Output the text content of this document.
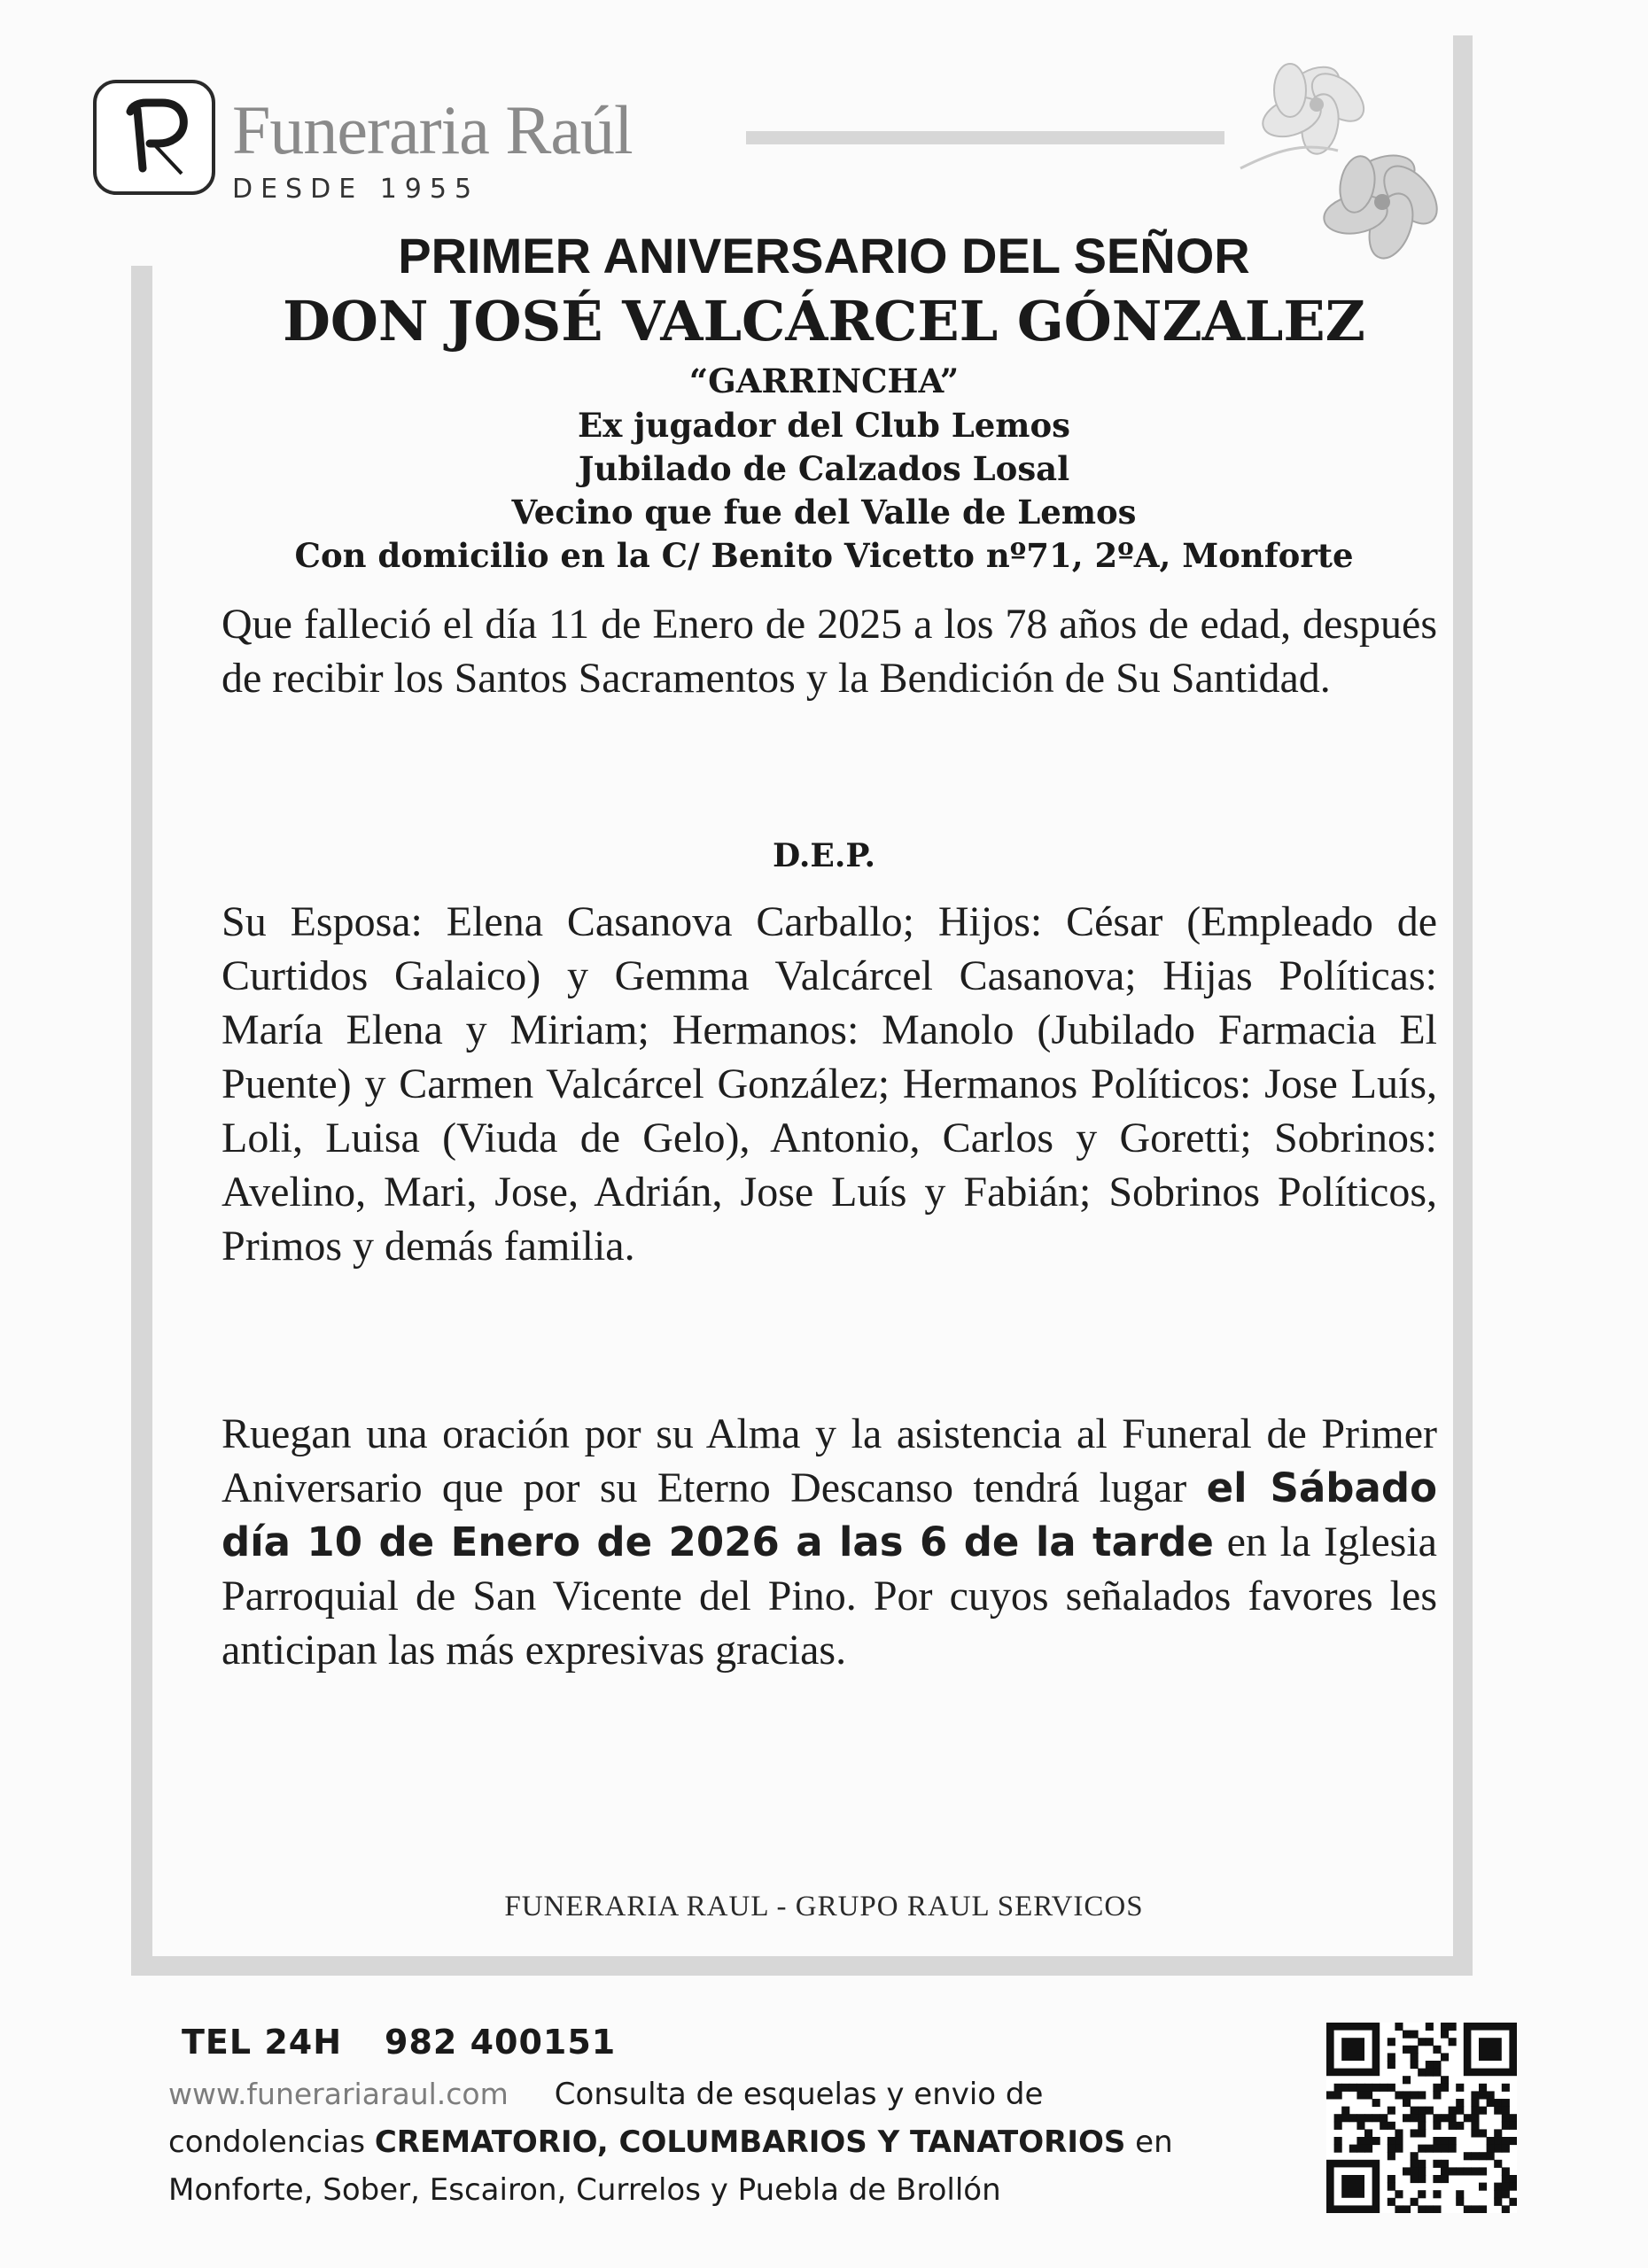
Funeraria Raúl
DESDE 1955
PRIMER ANIVERSARIO DEL SEÑOR
DON JOSÉ VALCÁRCEL GÓNZALEZ
“GARRINCHA”
Ex jugador del Club Lemos
Jubilado de Calzados Losal
Vecino que fue del Valle de Lemos
Con domicilio en la C/ Benito Vicetto nº71, 2ºA, Monforte
Que falleció el día 11 de Enero de 2025 a los 78 años de edad, después de recibir los Santos Sacramentos y la Bendición de Su Santidad.
D.E.P.
Su Esposa: Elena Casanova Carballo; Hijos: César (Empleado de Curtidos Galaico) y Gemma Valcárcel Casanova; Hijas Políticas: María Elena y Miriam; Hermanos: Manolo (Jubilado Farmacia El Puente) y Carmen Valcárcel González; Hermanos Políticos: Jose Luís, Loli, Luisa (Viuda de Gelo), Antonio, Carlos y Goretti; Sobrinos: Avelino, Mari, Jose, Adrián, Jose Luís y Fabián; Sobrinos Políticos, Primos y demás familia.
Ruegan una oración por su Alma y la asistencia al Funeral de Primer Aniversario que por su Eterno Descanso tendrá lugar el Sábado día 10 de Enero de 2026 a las 6 de la tarde en la Iglesia Parroquial de San Vicente del Pino. Por cuyos señalados favores les anticipan las más expresivas gracias.
FUNERARIA RAUL - GRUPO RAUL SERVICOS
TEL 24H 982 400151
www.funerariaraul.com Consulta de esquelas y envio de
condolencias CREMATORIO, COLUMBARIOS Y TANATORIOS en
Monforte, Sober, Escairon, Currelos y Puebla de Brollón
